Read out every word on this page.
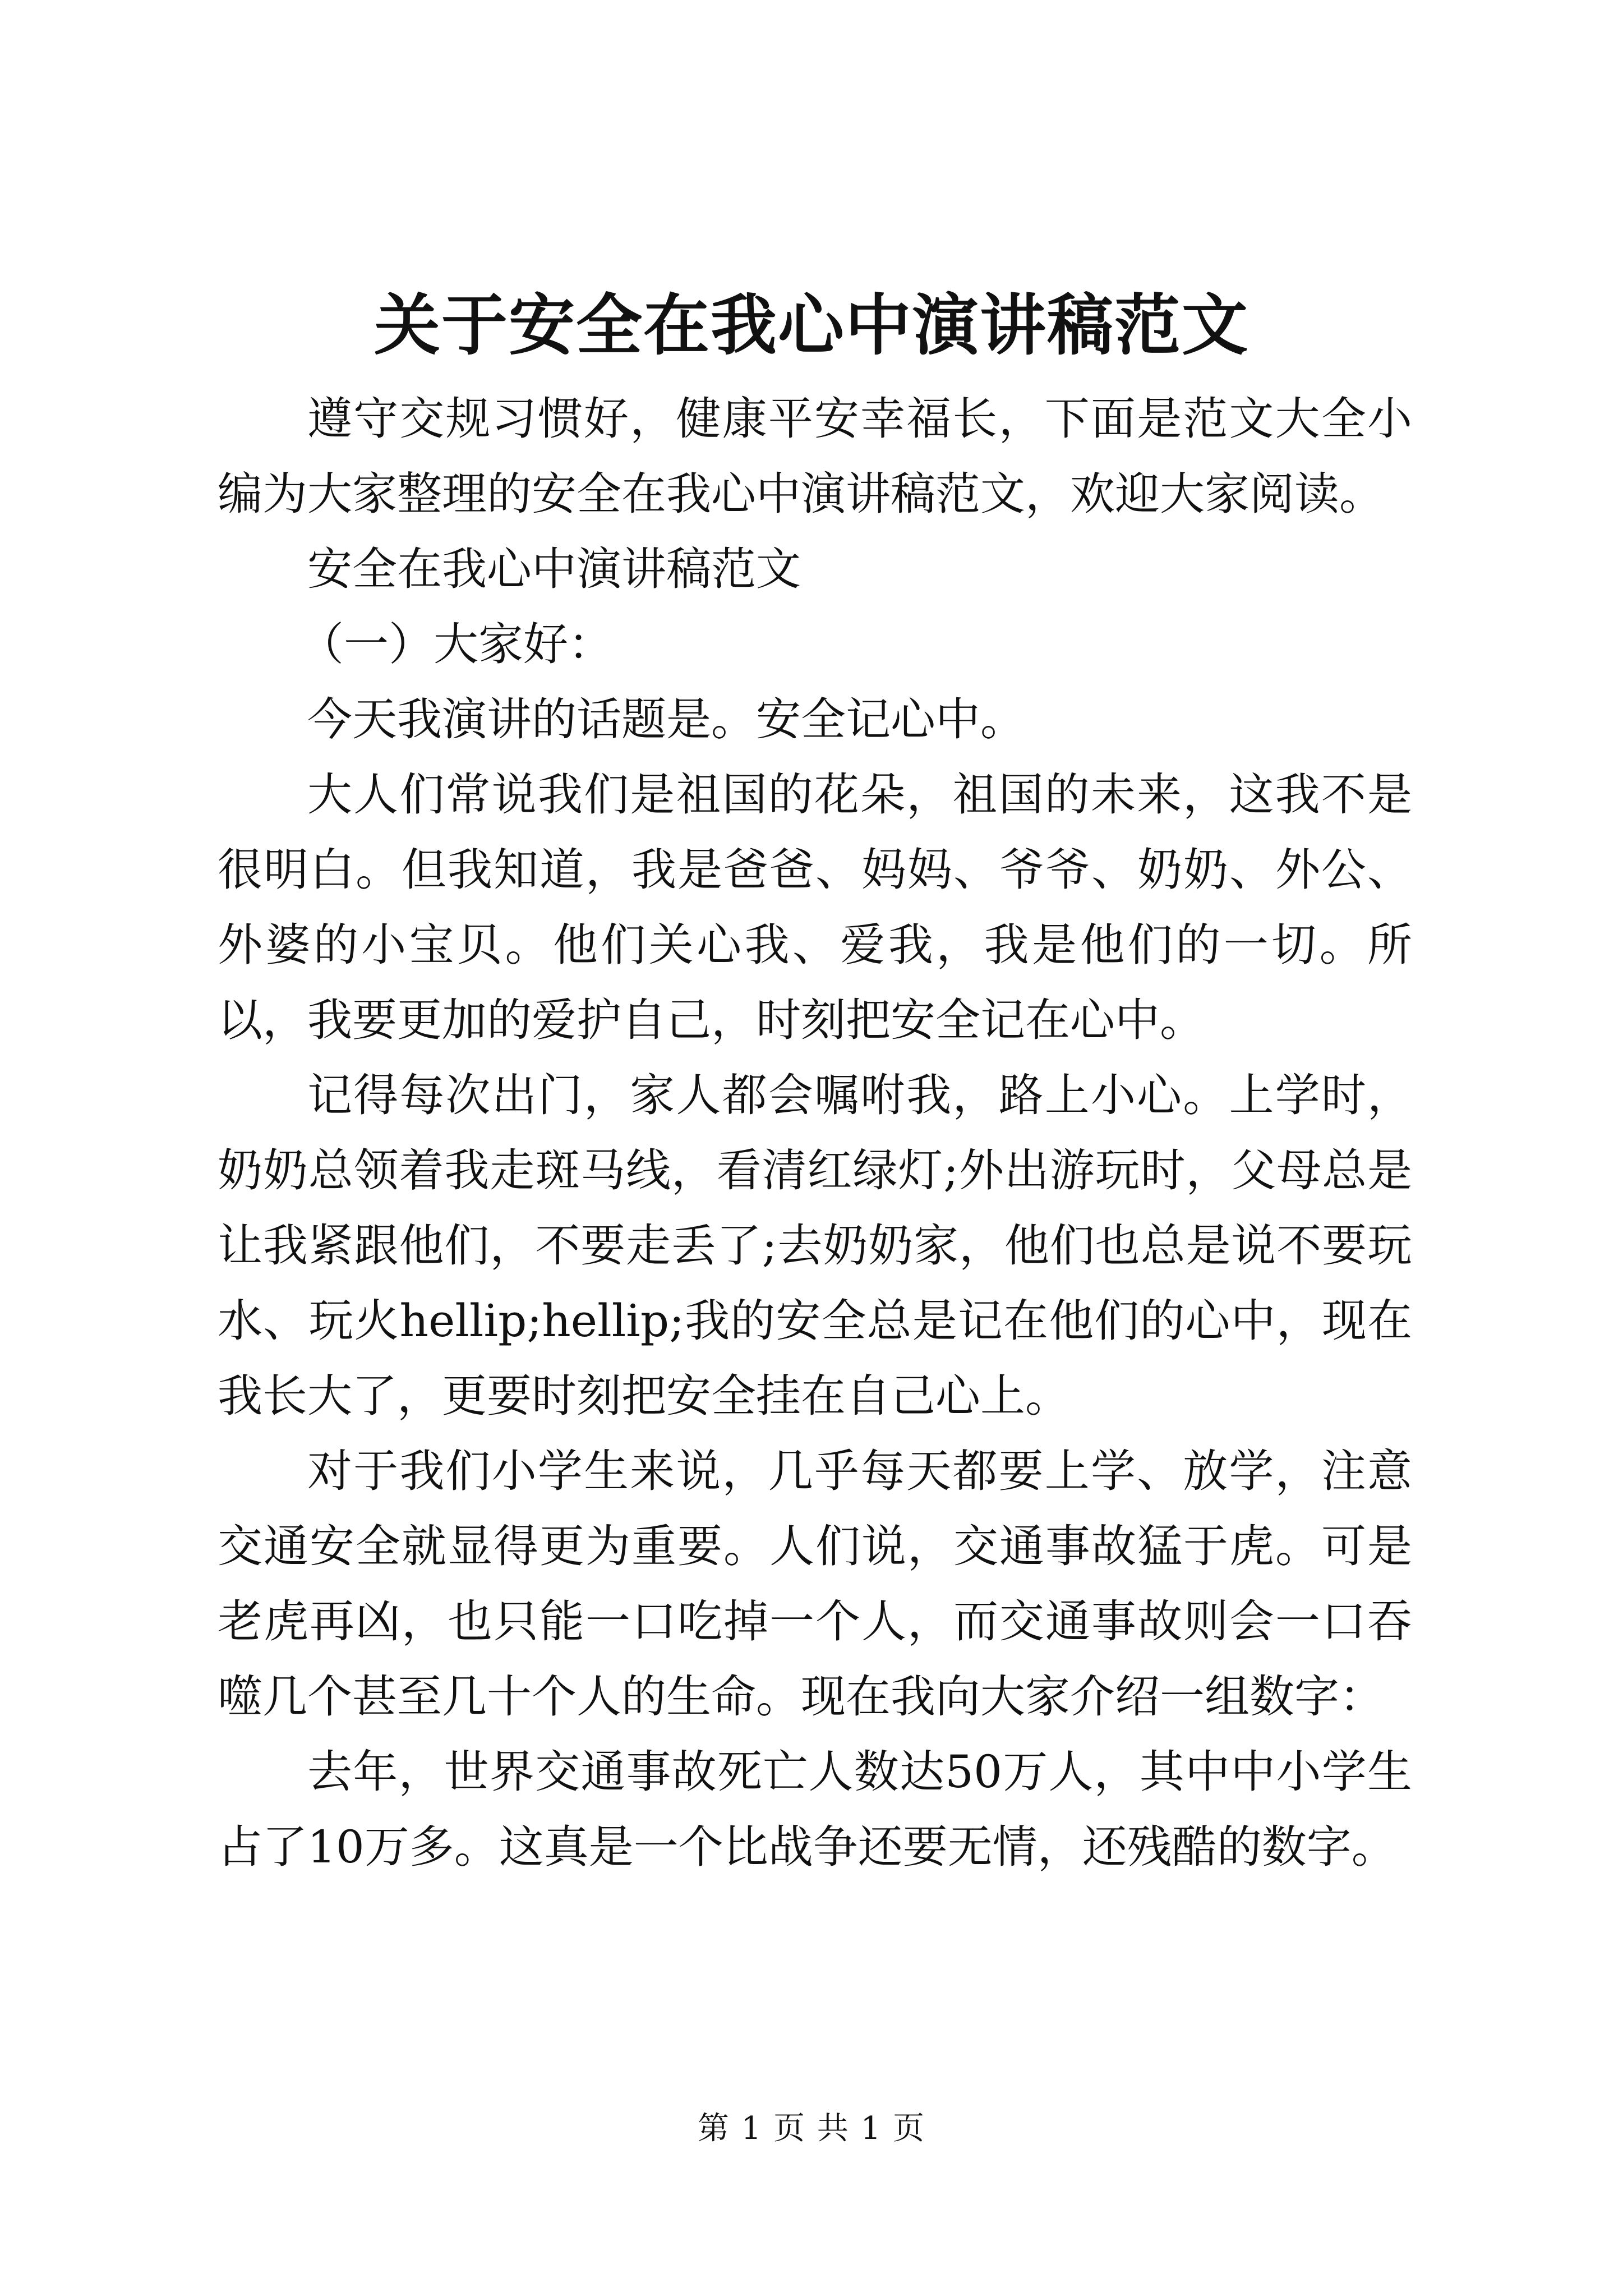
关于安全在我心中演讲稿范文

遵守交规习惯好，健康平安幸福长，下面是范文大全小编为大家整理的安全在我心中演讲稿范文，欢迎大家阅读。

安全在我心中演讲稿范文

（一）大家好：

今天我演讲的话题是。安全记心中。

大人们常说我们是祖国的花朵，祖国的未来，这我不是很明白。但我知道，我是爸爸、妈妈、爷爷、奶奶、外公、外婆的小宝贝。他们关心我、爱我，我是他们的一切。所以，我要更加的爱护自己，时刻把安全记在心中。

记得每次出门，家人都会嘱咐我，路上小心。上学时，奶奶总领着我走斑马线，看清红绿灯;外出游玩时，父母总是让我紧跟他们，不要走丢了;去奶奶家，他们也总是说不要玩水、玩火hellip;hellip;我的安全总是记在他们的心中，现在我长大了，更要时刻把安全挂在自己心上。

对于我们小学生来说，几乎每天都要上学、放学，注意交通安全就显得更为重要。人们说，交通事故猛于虎。可是老虎再凶，也只能一口吃掉一个人，而交通事故则会一口吞噬几个甚至几十个人的生命。现在我向大家介绍一组数字：

去年，世界交通事故死亡人数达50万人，其中中小学生占了10万多。这真是一个比战争还要无情，还残酷的数字。

第 1 页 共 1 页
